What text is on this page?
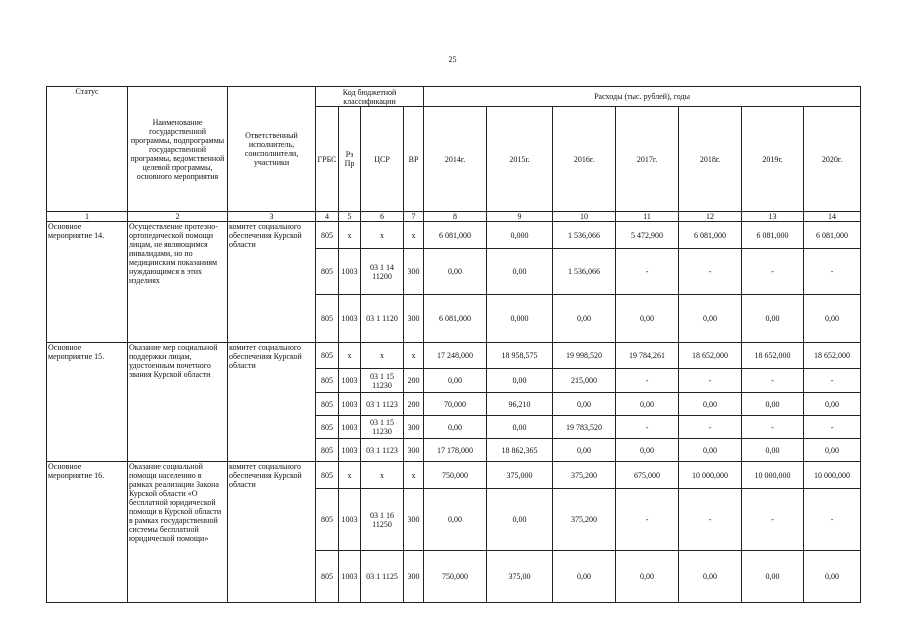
25
Статус	Наименование государственной программы, подпрограммы государственной программы, ведомственной целевой программы, основного мероприятия	Ответственный исполнитель, соисполнители, участники	Код бюджетной классификации				Расходы (тыс. рублей), годы						
			ГРБС	Рз Пр	ЦСР	ВР	2014г.	2015г.	2016г.	2017г.	2018г.	2019г.	2020г.
1	2	3	4	5	6	7	8	9	10	11	12	13	14
Основное мероприятие 14.	Осуществление протезно-ортопедической помощи лицам, не являющимся инвалидами, но по медицинским показаниям нуждающимся в этих изделиях	комитет социального обеспечения Курской области	805	х	х	х	6 081,000	0,000	1 536,066	5 472,900	6 081,000	6 081,000	6 081,000
			805	1003	03 1 14 11200	300	0,00	0,00	1 536,066	-	-	-	-
			805	1003	03 1 1120	300	6 081,000	0,000	0,00	0,00	0,00	0,00	0,00
Основное мероприятие 15.	Оказание мер социальной поддержки лицам, удостоенным почетного звания Курской области	комитет социального обеспечения Курской области	805	х	х	х	17 248,000	18 958,575	19 998,520	19 784,261	18 652,000	18 652,000	18 652,000
			805	1003	03 1 15 11230	200	0,00	0,00	215,000	-	-	-	-
			805	1003	03 1 1123	200	70,000	96,210	0,00	0,00	0,00	0,00	0,00
			805	1003	03 1 15 11230	300	0,00	0,00	19 783,520	-	-	-	-
			805	1003	03 1 1123	300	17 178,000	18 862,365	0,00	0,00	0,00	0,00	0,00
Основное мероприятие 16.	Оказание социальной помощи населению в рамках реализации Закона Курской области «О бесплатной юридической помощи в Курской области в рамках государственной системы бесплатной юридической помощи»	комитет социального обеспечения Курской области	805	х	х	х	750,000	375,000	375,200	675,000	10 000,000	10 000,000	10 000,000
			805	1003	03 1 16 11250	300	0,00	0,00	375,200	-	-	-	-
			805	1003	03 1 1125	300	750,000	375,00	0,00	0,00	0,00	0,00	0,00
